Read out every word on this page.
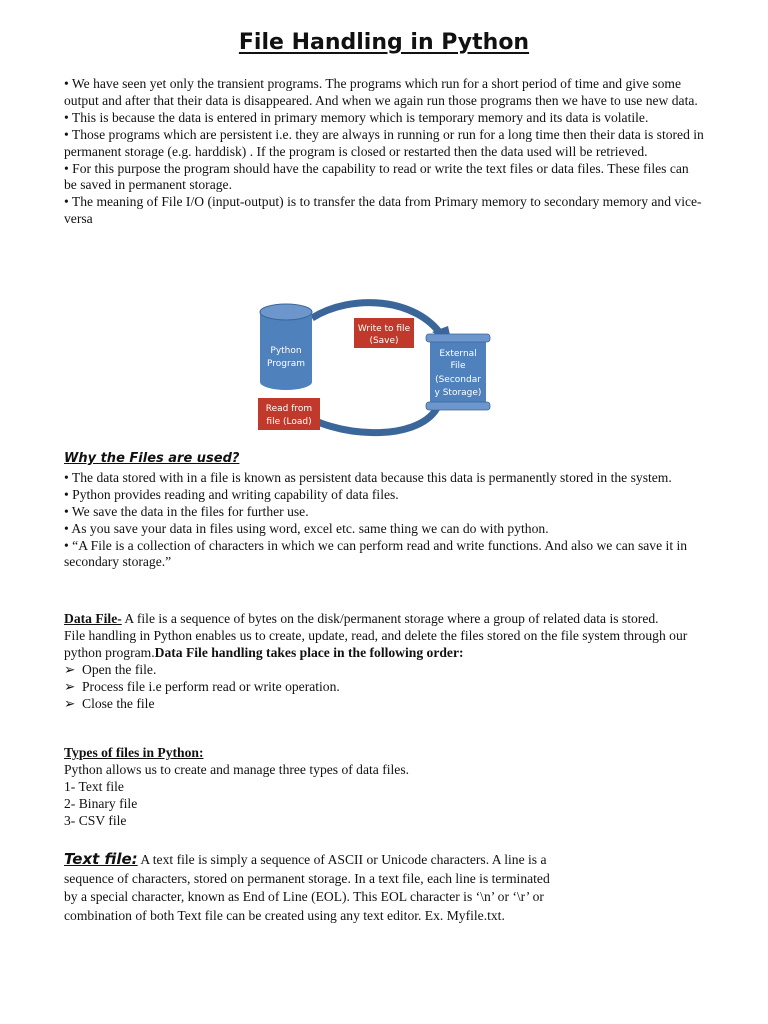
File Handling in Python

• We have seen yet only the transient programs. The programs which run for a short period of time and give some output and after that their data is disappeared. And when we again run those programs then we have to use new data.

• This is because the data is entered in primary memory which is temporary memory and its data is volatile.

• Those programs which are persistent i.e. they are always in running or run for a long time then their data is stored in permanent storage (e.g. harddisk) . If the program is closed or restarted then the data used will be retrieved.

• For this purpose the program should have the capability to read or write the text files or data files. These files can be saved in permanent storage.

• The meaning of File I/O (input-output) is to transfer the data from Primary memory to secondary memory and vice-versa

Python
Program
Write to file
(Save)
External
File
(Secondar
y Storage)
Read from
file (Load)

Why the Files are used?

• The data stored with in a file is known as persistent data because this data is permanently stored in the system.

• Python provides reading and writing capability of data files.

• We save the data in the files for further use.

• As you save your data in files using word, excel etc. same thing we can do with python.

• “A File is a collection of characters in which we can perform read and write functions. And also we can save it in secondary storage.”

Data File- A file is a sequence of bytes on the disk/permanent storage where a group of related data is stored.

File handling in Python enables us to create, update, read, and delete the files stored on the file system through our python program.Data File handling takes place in the following order:

➢ Open the file.
➢ Process file i.e perform read or write operation.
➢ Close the file

Types of files in Python:

Python allows us to create and manage three types of data files.

1- Text file

2- Binary file

3- CSV file

Text file: A text file is simply a sequence of ASCII or Unicode characters. A line is a

sequence of characters, stored on permanent storage. In a text file, each line is terminated

by a special character, known as End of Line (EOL). This EOL character is ‘\n’ or ‘\r’ or

combination of both Text file can be created using any text editor. Ex. Myfile.txt.
